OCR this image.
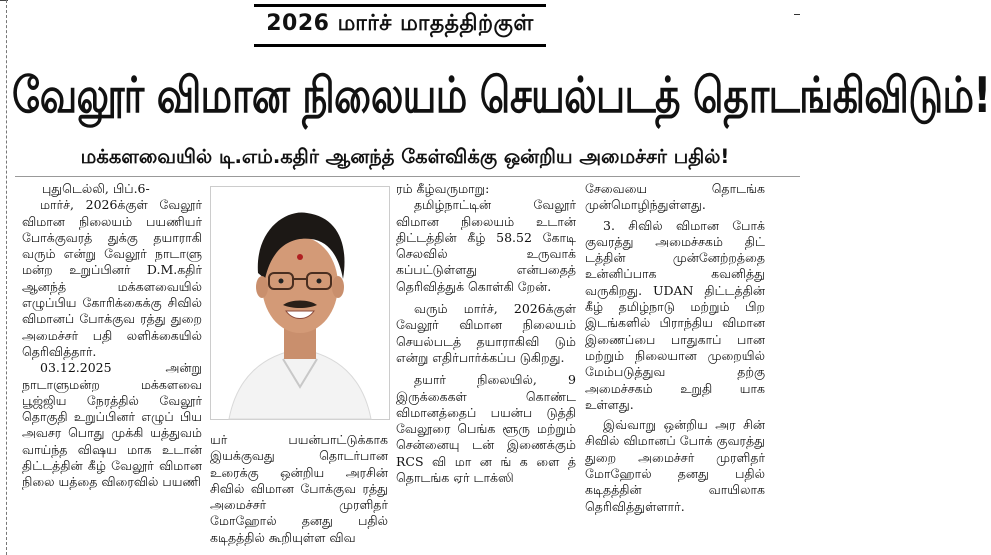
2026 மார்ச் மாதத்திற்குள்
வேலூர் விமான நிலையம் செயல்படத் தொடங்கிவிடும்!
மக்களவையில் டி.எம்.கதிர் ஆனந்த் கேள்விக்கு ஒன்றிய அமைச்சர் பதில்!

புதுடெல்லி, பிப்.6-

மார்ச், 2026க்குள் வேலூர் விமான நிலையம் பயணியர் போக்குவரத் துக்கு தயாராகி வரும் என்று வேலூர் நாடாளு மன்ற உறுப்பினர் D.M.கதிர் ஆனந்த் மக்களவையில் எழுப்பிய கோரிக்கைக்கு சிவில் விமானப் போக்குவ ரத்து துறை அமைச்சர் பதி லளிக்கையில் தெரிவித்தார்.

03.12.2025 அன்று நாடாளுமன்ற மக்களவை பூஜ்ஜிய நேரத்தில் வேலூர் தொகுதி உறுப்பினர் எழுப் பிய அவசர பொது முக்கி யத்துவம் வாய்ந்த விஷய மாக உடான் திட்டத்தின் கீழ் வேலூர் விமான நிலை யத்தை விரைவில் பயணி

யர் பயன்பாட்டுக்காக இயக்குவது தொடர்பான உரைக்கு ஒன்றிய அரசின் சிவில் விமான போக்குவ ரத்து அமைச்சர் முரளிதர் மோஹோல் தனது பதில் கடிதத்தில் கூறியுள்ள விவ

ரம் கீழ்வருமாறு:

தமிழ்நாட்டின் வேலூர் விமான நிலையம் உடான் திட்டத்தின் கீழ் 58.52 கோடி செலவில் உருவாக் கப்பட்டுள்ளது என்பதைத் தெரிவித்துக் கொள்கி றேன்.

வரும் மார்ச், 2026க்குள் வேலூர் விமான நிலையம் செயல்படத் தயாராகிவி டும் என்று எதிர்பார்க்கப்ப டுகிறது.

தயார் நிலையில், 9 இருக்கைகள் கொண்ட விமானத்தைப் பயன்ப டுத்தி வேலூரை பெங்க ளூரு மற்றும் சென்னையு டன் இணைக்கும் RCS வி மா ன ங் க ளை த் தொடங்க ஏர் டாக்ஸி

சேவையை தொடங்க முன்மொழிந்துள்ளது.

3. சிவில் விமான போக் குவரத்து அமைச்சகம் திட் டத்தின் முன்னேற்றத்தை உன்னிப்பாக கவனித்து வருகிறது. UDAN திட்டத்தின் கீழ் தமிழ்நாடு மற்றும் பிற இடங்களில் பிராந்திய விமான இணைப்பை பாதுகாப் பான மற்றும் நிலையான முறையில் மேம்படுத்துவ தற்கு அமைச்சகம் உறுதி யாக உள்ளது.

இவ்வாறு ஒன்றிய அர சின் சிவில் விமானப் போக் குவரத்து துறை அமைச்சர் முரளிதர் மோஹோல் தனது பதில் கடிதத்தின் வாயிலாக தெரிவித்துள்ளார்.
